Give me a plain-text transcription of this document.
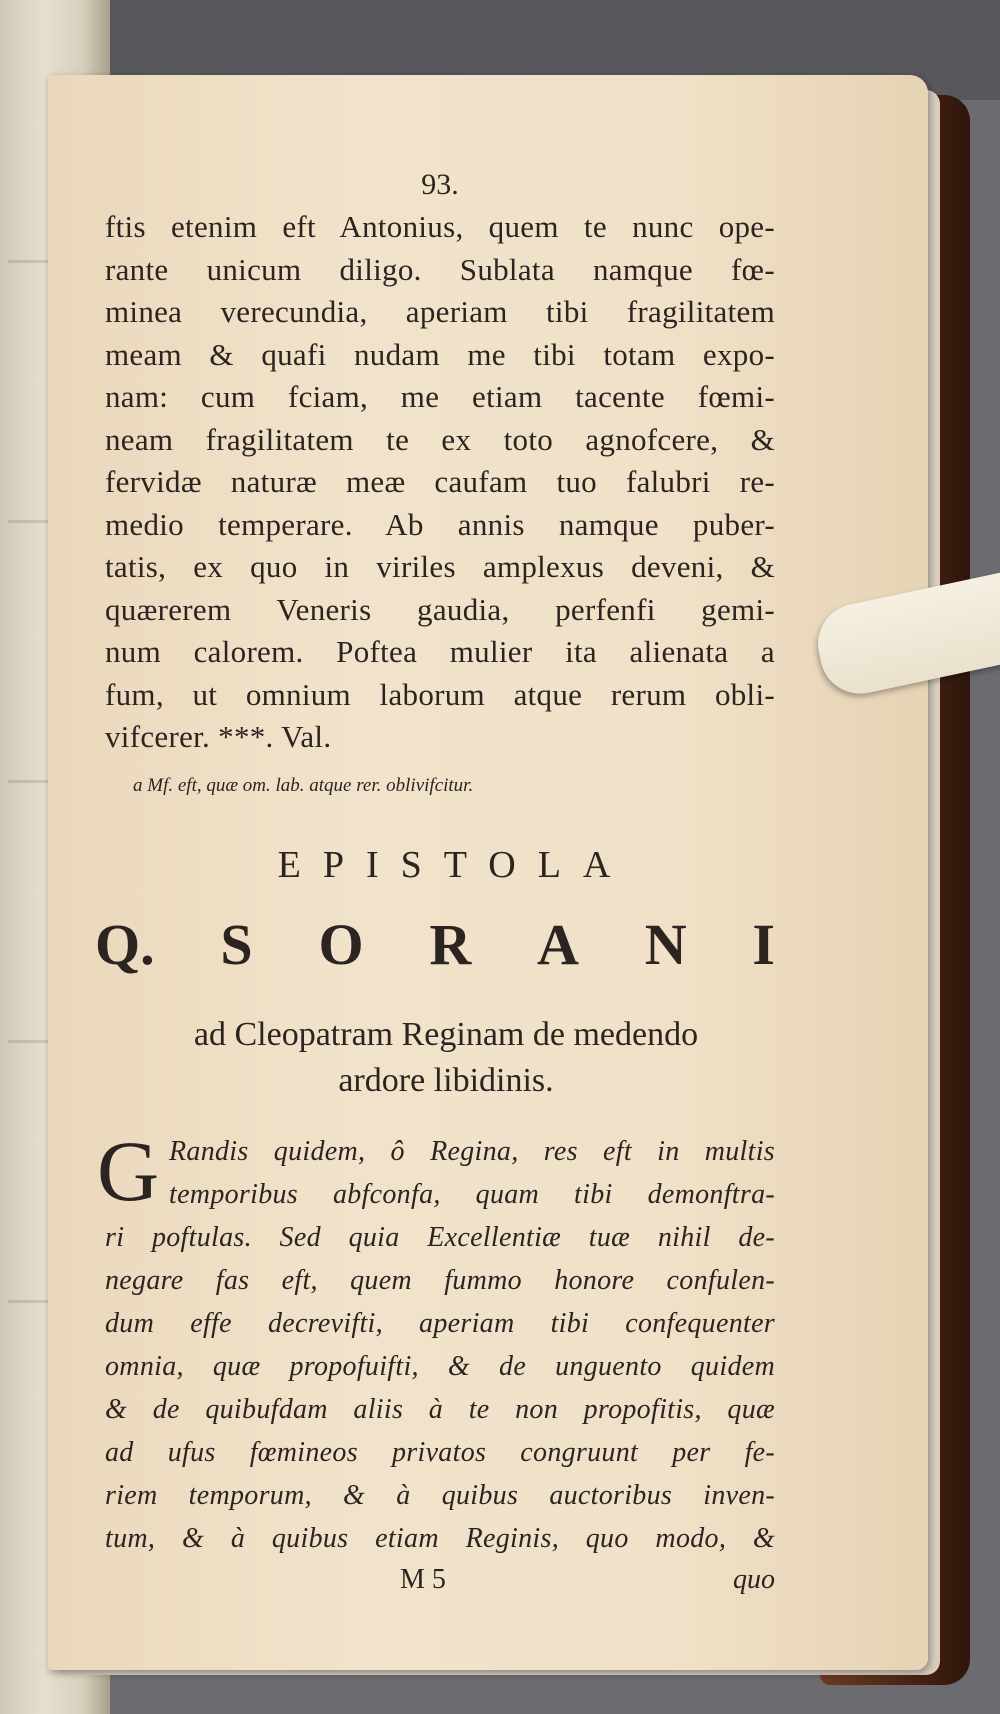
93.
ftis etenim eft Antonius, quem te nunc ope-
rante unicum diligo. Sublata namque fœ-
minea verecundia, aperiam tibi fragilitatem
meam & quafi nudam me tibi totam expo-
nam: cum fciam, me etiam tacente fœmi-
neam fragilitatem te ex toto agnofcere, &
fervidæ naturæ meæ caufam tuo falubri re-
medio temperare. Ab annis namque puber-
tatis, ex quo in viriles amplexus deveni, &
quærerem Veneris gaudia, perfenfi gemi-
num calorem. Poftea mulier ita alienata a
fum, ut omnium laborum atque rerum obli-
vifcerer. ***. Val.
a Mf. eft, quæ om. lab. atque rer. oblivifcitur.
EPISTOLA
Q. S O R A N I
ad Cleopatram Reginam de medendo
ardore libidinis.
G Randis quidem, ô Regina, res eft in multis
temporibus abfconfa, quam tibi demonftra-
ri poftulas. Sed quia Excellentiæ tuæ nihil de-
negare fas eft, quem fummo honore confulen-
dum effe decrevifti, aperiam tibi confequenter
omnia, quæ propofuifti, & de unguento quidem
& de quibufdam aliis à te non propofitis, quæ
ad ufus fœmineos privatos congruunt per fe-
riem temporum, & à quibus auctoribus inven-
tum, & à quibus etiam Reginis, quo modo, &
M 5	quo
